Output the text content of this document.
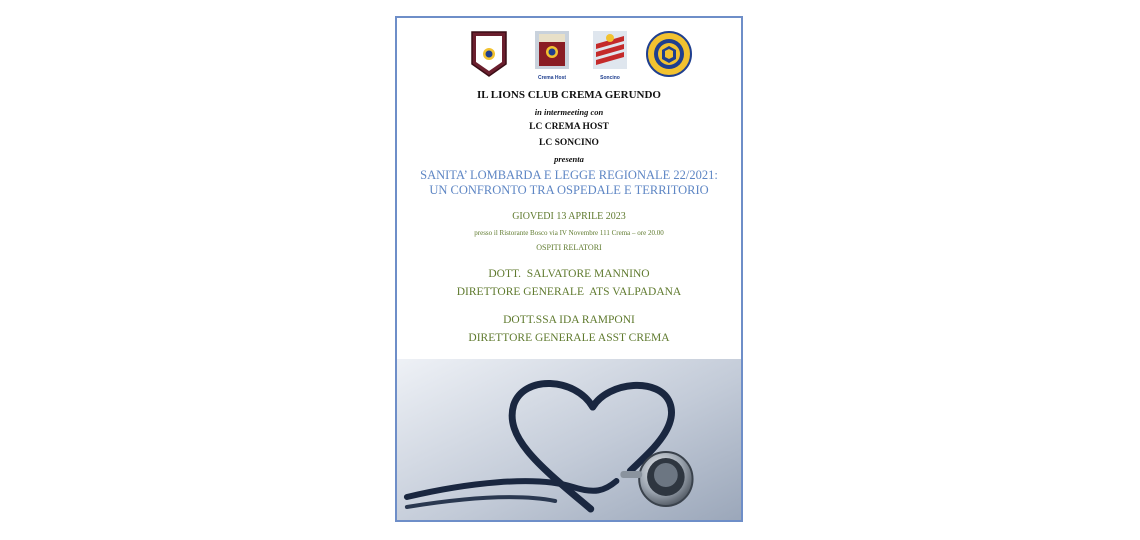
Crema Host	Soncino
IL LIONS CLUB CREMA GERUNDO
in intermeeting con
LC CREMA HOST
LC SONCINO
presenta
SANITA’ LOMBARDA E LEGGE REGIONALE 22/2021:
UN CONFRONTO TRA OSPEDALE E TERRITORIO
GIOVEDI 13 APRILE 2023
presso il Ristorante Bosco via IV Novembre 111 Crema – ore 20.00
OSPITI RELATORI
DOTT.  SALVATORE MANNINO
DIRETTORE GENERALE  ATS VALPADANA
DOTT.SSA IDA RAMPONI
DIRETTORE GENERALE ASST CREMA
